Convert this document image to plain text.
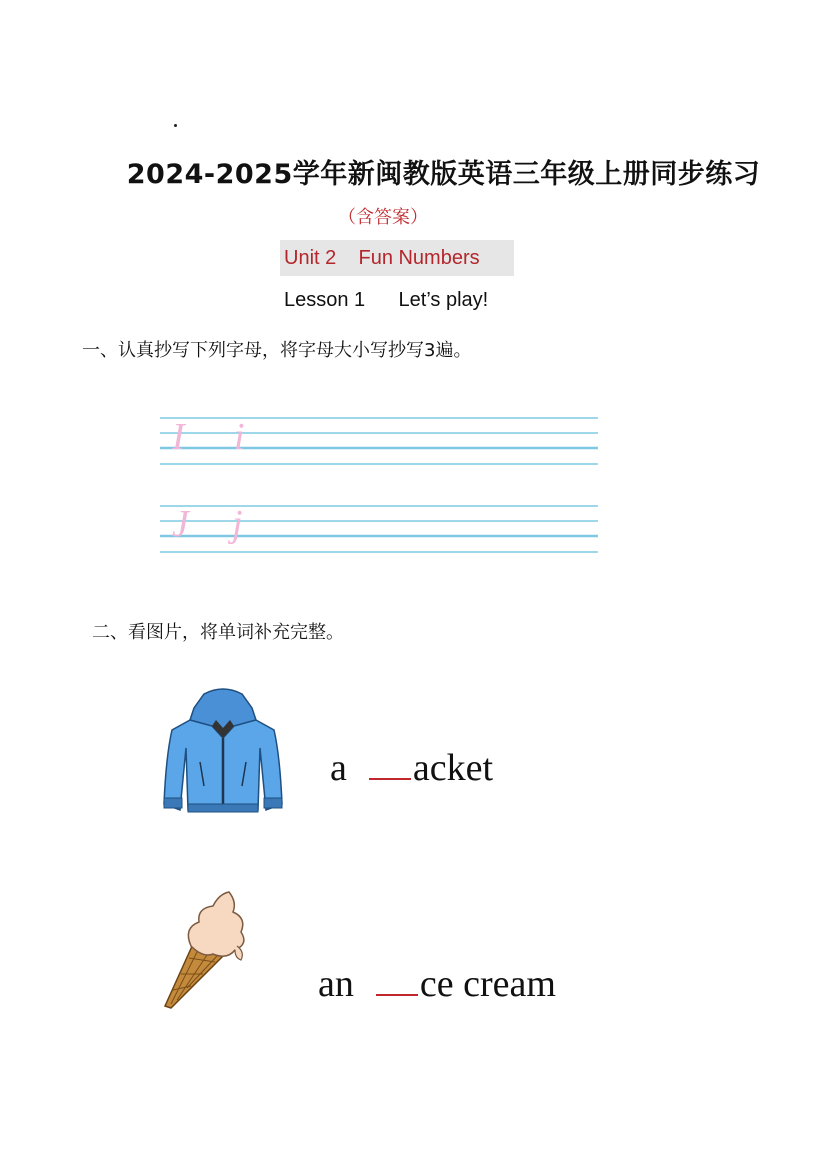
2024-2025学年新闽教版英语三年级上册同步练习
（含答案）
Unit 2    Fun Numbers
Lesson 1      Let’s play!
一、认真抄写下列字母，将字母大小写抄写3遍。
I i
J j
二、看图片，将单词补充完整。
a acket
an ce cream
